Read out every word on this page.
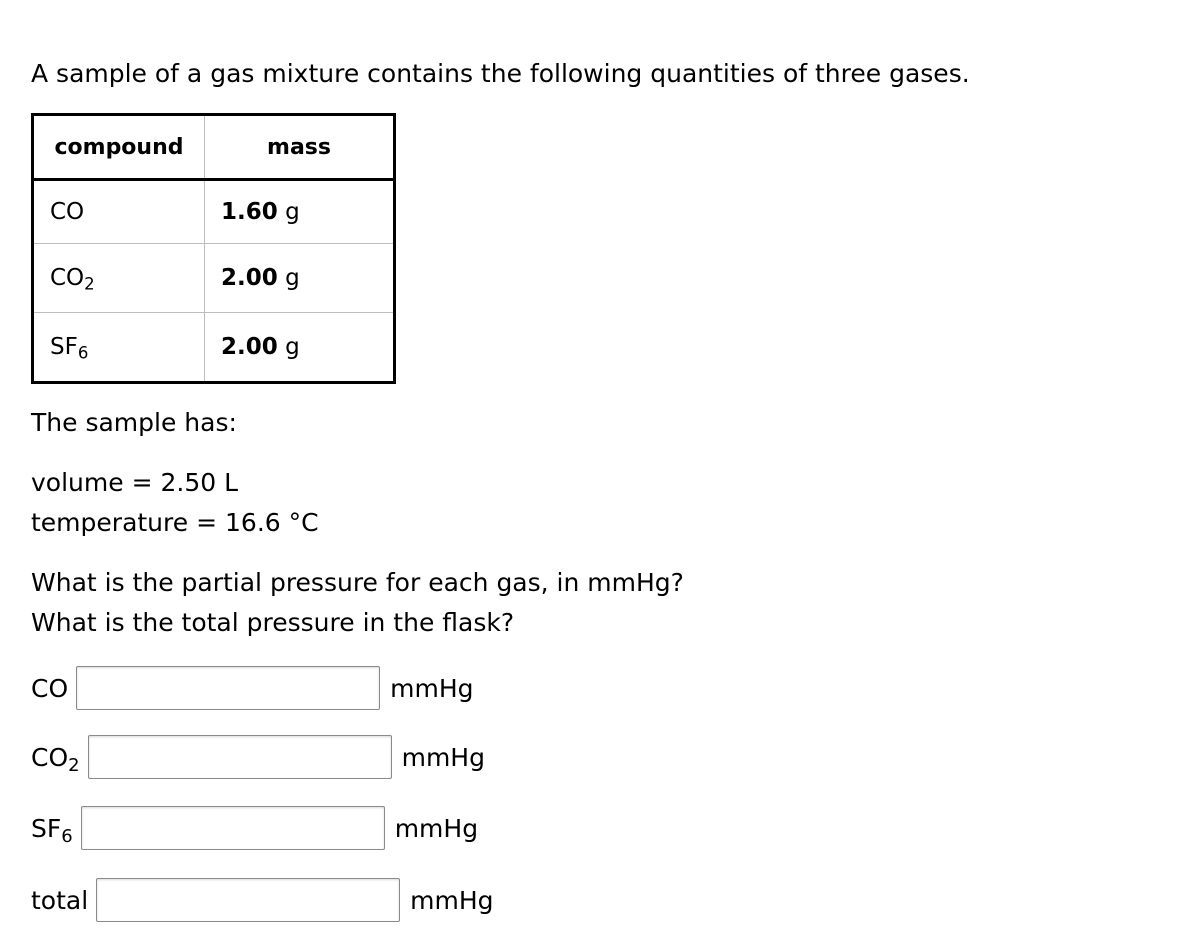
A sample of a gas mixture contains the following quantities of three gases.
compound	mass
CO	1.60 g
$CO_2$	2.00 g
$SF_6$	2.00 g
The sample has:
volume = 2.50 L
temperature = 16.6 °C
What is the partial pressure for each gas, in mmHg?
What is the total pressure in the flask?
CO	mmHg
$CO_2$	mmHg
$SF_6$	mmHg
total	mmHg
